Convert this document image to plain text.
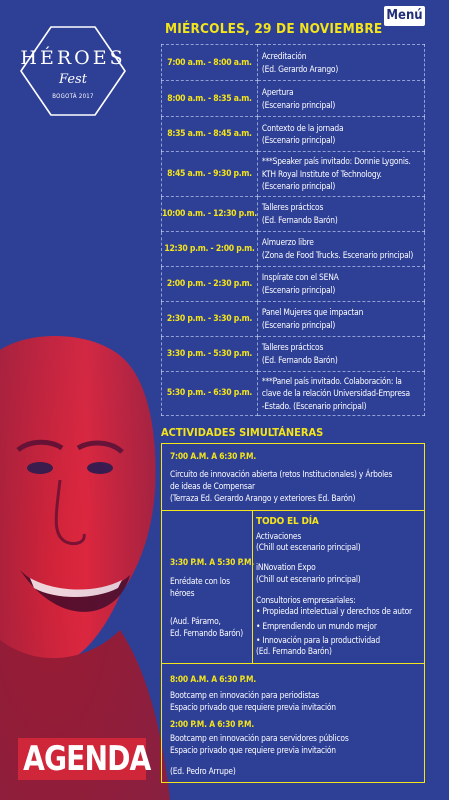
HÉROES
Fest
BOGOTÁ 2017
Menú
MIÉRCOLES, 29 DE NOVIEMBRE
7:00 a.m. - 8:00 a.m.	Acreditación
(Ed. Gerardo Arango)

8:00 a.m. - 8:35 a.m.	Apertura
(Escenario principal)

8:35 a.m. - 8:45 a.m.	Contexto de la jornada
(Escenario principal)

8:45 a.m. - 9:30 p.m.	***Speaker país invitado: Donnie Lygonis.
KTH Royal Institute of Technology.
(Escenario principal)

10:00 a.m. - 12:30 p.m.	Talleres prácticos
(Ed. Fernando Barón)

12:30 p.m. - 2:00 p.m.	Almuerzo libre
(Zona de Food Trucks. Escenario principal)

2:00 p.m. - 2:30 p.m.	Inspírate con el SENA
(Escenario principal)

2:30 p.m. - 3:30 p.m.	Panel Mujeres que impactan
(Escenario principal)

3:30 p.m. - 5:30 p.m.	Talleres prácticos
(Ed. Fernando Barón)

5:30 p.m. - 6:30 p.m.	***Panel país invitado. Colaboración: la
clave de la relación Universidad-Empresa
-Estado. (Escenario principal)
ACTIVIDADES SIMULTÁNERAS
7:00 A.M. A 6:30 P.M.
Circuito de innovación abierta (retos Institucionales) y Árboles
de ideas de Compensar
(Terraza Ed. Gerardo Arango y exteriores Ed. Barón)
3:30 P.M. A 5:30 P.M.
Enrédate con los
héroes
(Aud. Páramo,
Ed. Fernando Barón)
TODO EL DÍA
Activaciones
(Chill out escenario principal)
iNNovation Expo
(Chill out escenario principal)
Consultorios empresariales:
• Propiedad intelectual y derechos de autor
• Emprendiendo un mundo mejor
• Innovación para la productividad
(Ed. Fernando Barón)
8:00 A.M. A 6:30 P.M.
Bootcamp en innovación para periodistas
Espacio privado que requiere previa invitación
2:00 P.M. A 6:30 P.M.
Bootcamp en innovación para servidores públicos
Espacio privado que requiere previa invitación
(Ed. Pedro Arrupe)
AGENDA
